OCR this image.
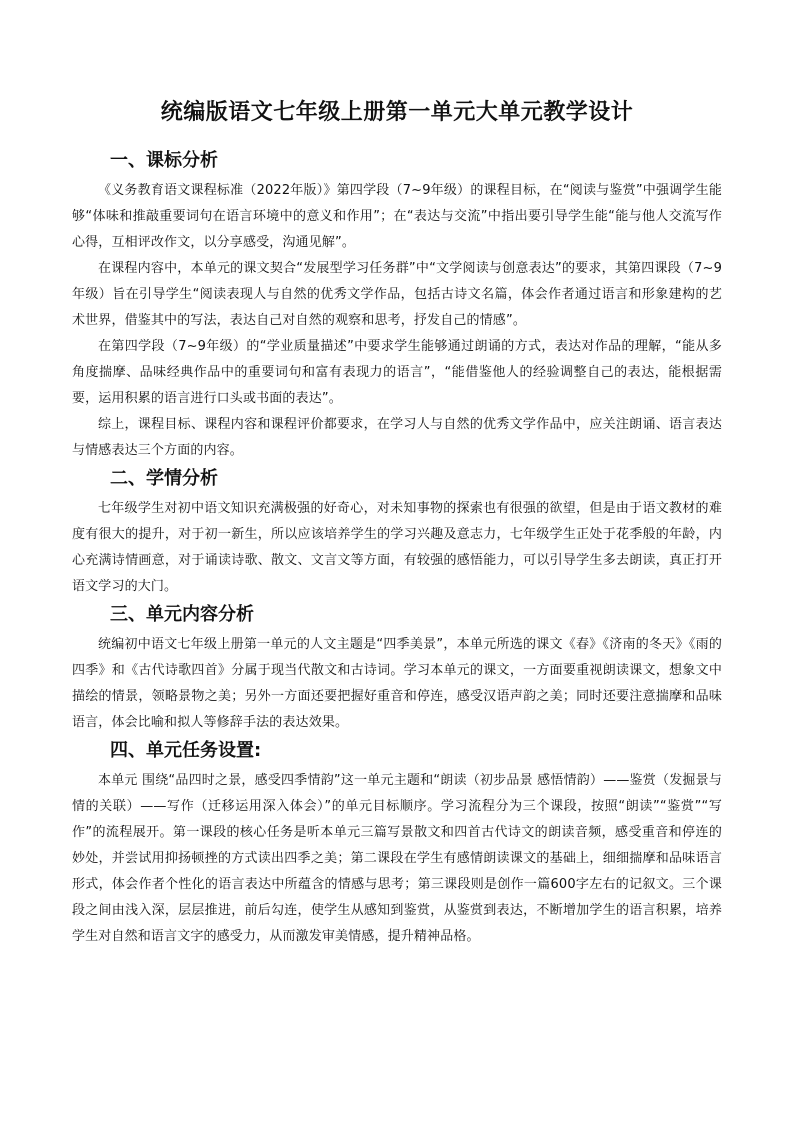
统编版语文七年级上册第一单元大单元教学设计
一、课标分析

《义务教育语文课程标准（2022年版）》第四学段（7~9年级）的课程目标，在“阅读与鉴赏”中强调学生能够“体味和推敲重要词句在语言环境中的意义和作用”；在“表达与交流”中指出要引导学生能“能与他人交流写作心得，互相评改作文，以分享感受，沟通见解”。

在课程内容中，本单元的课文契合“发展型学习任务群”中“文学阅读与创意表达”的要求，其第四课段（7~9年级）旨在引导学生“阅读表现人与自然的优秀文学作品，包括古诗文名篇，体会作者通过语言和形象建构的艺术世界，借鉴其中的写法，表达自己对自然的观察和思考，抒发自己的情感”。

在第四学段（7~9年级）的“学业质量描述”中要求学生能够通过朗诵的方式，表达对作品的理解，“能从多角度揣摩、品味经典作品中的重要词句和富有表现力的语言”，“能借鉴他人的经验调整自己的表达，能根据需要，运用积累的语言进行口头或书面的表达”。

综上，课程目标、课程内容和课程评价都要求，在学习人与自然的优秀文学作品中，应关注朗诵、语言表达与情感表达三个方面的内容。

二、学情分析

七年级学生对初中语文知识充满极强的好奇心，对未知事物的探索也有很强的欲望，但是由于语文教材的难度有很大的提升，对于初一新生，所以应该培养学生的学习兴趣及意志力，七年级学生正处于花季般的年龄，内心充满诗情画意，对于诵读诗歌、散文、文言文等方面，有较强的感悟能力，可以引导学生多去朗读，真正打开语文学习的大门。

三、单元内容分析

统编初中语文七年级上册第一单元的人文主题是“四季美景”，本单元所选的课文《春》《济南的冬天》《雨的四季》和《古代诗歌四首》分属于现当代散文和古诗词。学习本单元的课文，一方面要重视朗读课文，想象文中描绘的情景，领略景物之美；另外一方面还要把握好重音和停连，感受汉语声韵之美；同时还要注意揣摩和品味语言，体会比喻和拟人等修辞手法的表达效果。

四、单元任务设置:

本单元 围绕“品四时之景，感受四季情韵”这一单元主题和“朗读（初步品景 感悟情韵）——鉴赏（发掘景与情的关联）——写作（迁移运用深入体会）”的单元目标顺序。学习流程分为三个课段，按照“朗读”“鉴赏”“写作”的流程展开。第一课段的核心任务是听本单元三篇写景散文和四首古代诗文的朗读音频，感受重音和停连的妙处，并尝试用抑扬顿挫的方式读出四季之美；第二课段在学生有感情朗读课文的基础上，细细揣摩和品味语言形式，体会作者个性化的语言表达中所蕴含的情感与思考；第三课段则是创作一篇600字左右的记叙文。三个课段之间由浅入深，层层推进，前后勾连，使学生从感知到鉴赏，从鉴赏到表达，不断增加学生的语言积累，培养学生对自然和语言文字的感受力，从而激发审美情感，提升精神品格。
